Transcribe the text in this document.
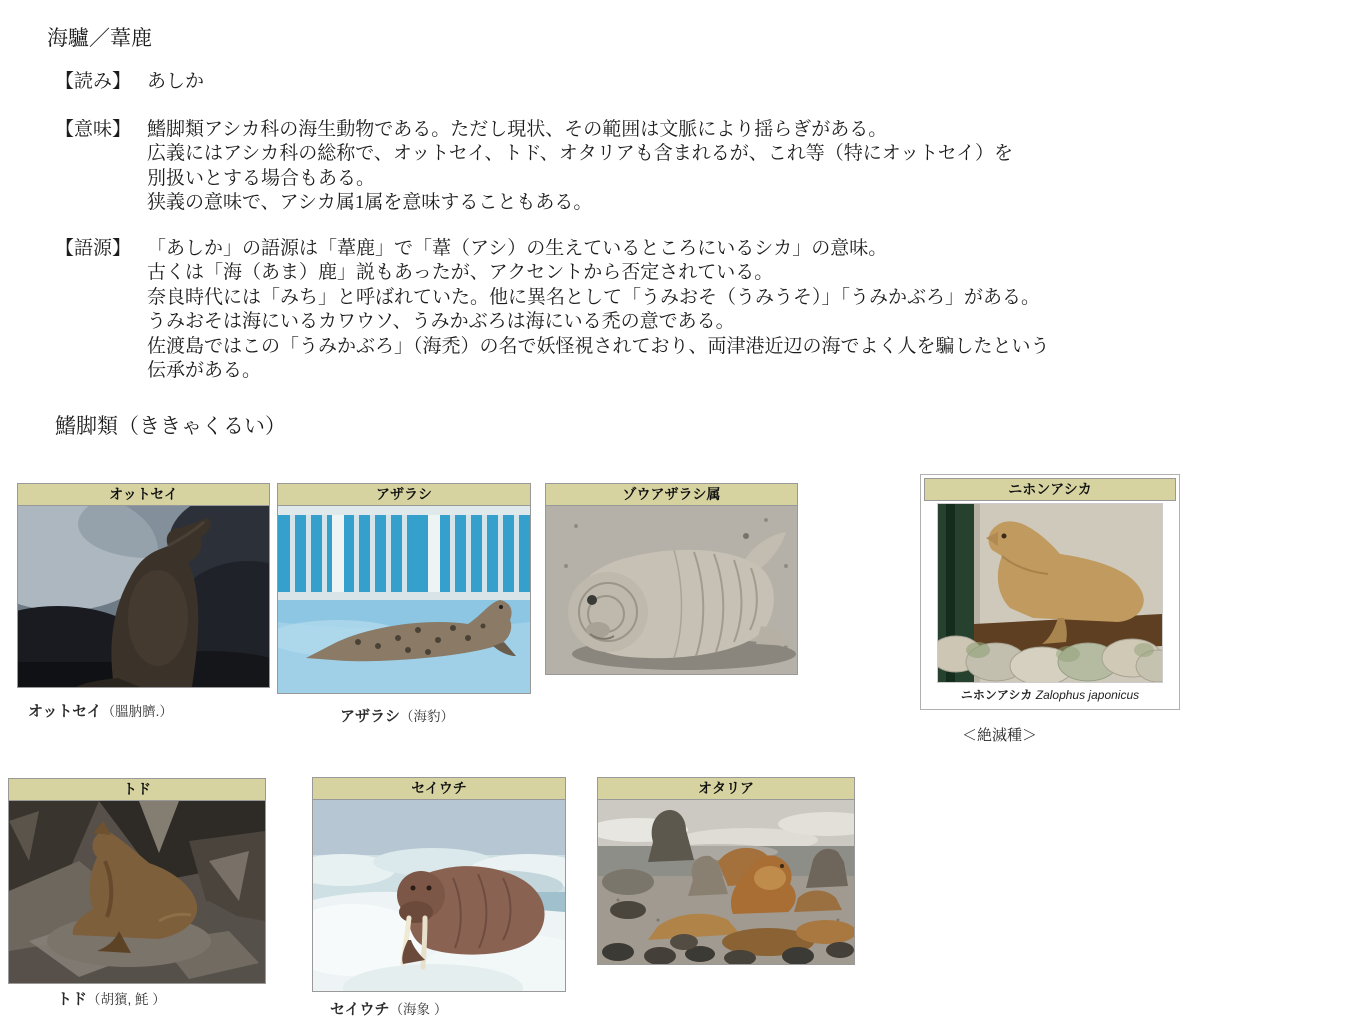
海驢／葦鹿
【読み】 あしか
【意味】 鰭脚類アシカ科の海生動物である。ただし現状、その範囲は文脈により揺らぎがある。
広義にはアシカ科の総称で、オットセイ、トド、オタリアも含まれるが、これ等（特にオットセイ）を
別扱いとする場合もある。
狭義の意味で、アシカ属1属を意味することもある。
【語源】 「あしか」の語源は「葦鹿」で「葦（アシ）の生えているところにいるシカ」の意味。
古くは「海（あま）鹿」説もあったが、アクセントから否定されている。
奈良時代には「みち」と呼ばれていた。他に異名として「うみおそ（うみうそ）」「うみかぶろ」がある。
うみおそは海にいるカワウソ、うみかぶろは海にいる禿の意である。
佐渡島ではこの「うみかぶろ」（海禿）の名で妖怪視されており、両津港近辺の海でよく人を騙したという
伝承がある。
鰭脚類（ききゃくるい）
オットセイ	アザラシ	ゾウアザラシ属	ニホンアシカ
ニホンアシカ Zalophus japonicus
＜絶滅種＞
オットセイ（膃肭臍.）	アザラシ（海豹）
トド	セイウチ	オタリア
トド（胡獱, 魹 ）
セイウチ（海象 ）
